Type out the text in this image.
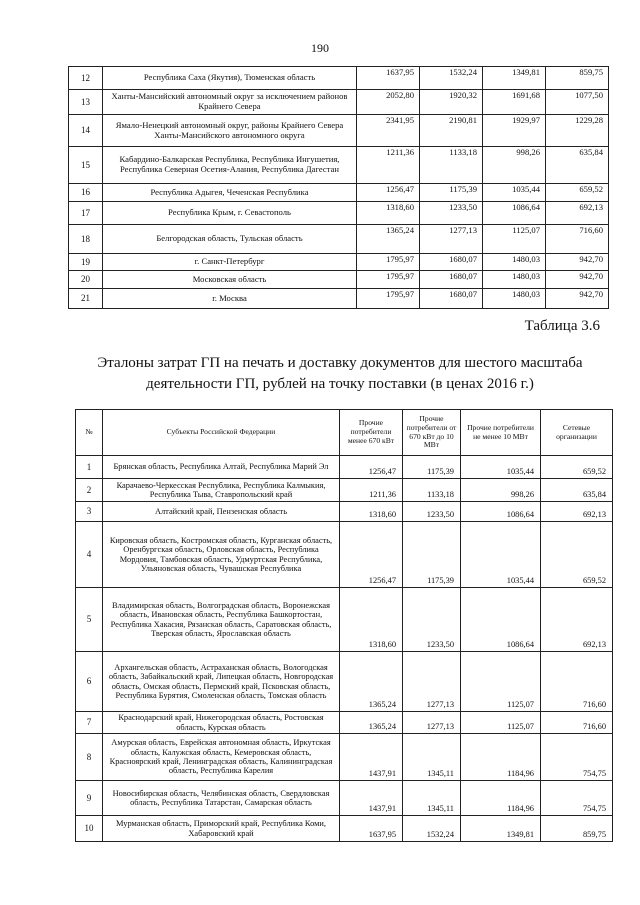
190
12	Республика Саха (Якутия), Тюменская область	1637,95	1532,24	1349,81	859,75
13	Ханты-Мансийский автономный округ за исключением районов Крайнего Севера	2052,80	1920,32	1691,68	1077,50
14	Ямало-Ненецкий автономный округ, районы Крайнего Севера Ханты-Мансийского автономного округа	2341,95	2190,81	1929,97	1229,28
15	Кабардино-Балкарская Республика, Республика Ингушетия, Республика Северная Осетия-Алания, Республика Дагестан	1211,36	1133,18	998,26	635,84
16	Республика Адыгея, Чеченская Республика	1256,47	1175,39	1035,44	659,52
17	Республика Крым, г. Севастополь	1318,60	1233,50	1086,64	692,13
18	Белгородская область, Тульская область	1365,24	1277,13	1125,07	716,60
19	г. Санкт-Петербург	1795,97	1680,07	1480,03	942,70
20	Московская область	1795,97	1680,07	1480,03	942,70
21	г. Москва	1795,97	1680,07	1480,03	942,70
Таблица 3.6
Эталоны затрат ГП на печать и доставку документов для шестого масштаба
деятельности ГП, рублей на точку поставки (в ценах 2016 г.)
№	Субъекты Российской Федерации	Прочие потребители менее 670 кВт	Прочие потребители от 670 кВт до 10 МВт	Прочие потребители не менее 10 МВт	Сетевые организации
1	Брянская область, Республика Алтай, Республика Марий Эл	1256,47	1175,39	1035,44	659,52
2	Карачаево-Черкесская Республика, Республика Калмыкия, Республика Тыва, Ставропольский край	1211,36	1133,18	998,26	635,84
3	Алтайский край, Пензенская область	1318,60	1233,50	1086,64	692,13
4	Кировская область, Костромская область, Курганская область, Оренбургская область, Орловская область, Республика Мордовия, Тамбовская область, Удмуртская Республика, Ульяновская область, Чувашская Республика	1256,47	1175,39	1035,44	659,52
5	Владимирская область, Волгоградская область, Воронежская область, Ивановская область, Республика Башкортостан, Республика Хакасия, Рязанская область, Саратовская область, Тверская область, Ярославская область	1318,60	1233,50	1086,64	692,13
6	Архангельская область, Астраханская область, Вологодская область, Забайкальский край, Липецкая область, Новгородская область, Омская область, Пермский край, Псковская область, Республика Бурятия, Смоленская область, Томская область	1365,24	1277,13	1125,07	716,60
7	Краснодарский край, Нижегородская область, Ростовская область, Курская область	1365,24	1277,13	1125,07	716,60
8	Амурская область, Еврейская автономная область, Иркутская область, Калужская область, Кемеровская область, Красноярский край, Ленинградская область, Калининградская область, Республика Карелия	1437,91	1345,11	1184,96	754,75
9	Новосибирская область, Челябинская область, Свердловская область, Республика Татарстан, Самарская область	1437,91	1345,11	1184,96	754,75
10	Мурманская область, Приморский край, Республика Коми, Хабаровский край	1637,95	1532,24	1349,81	859,75
